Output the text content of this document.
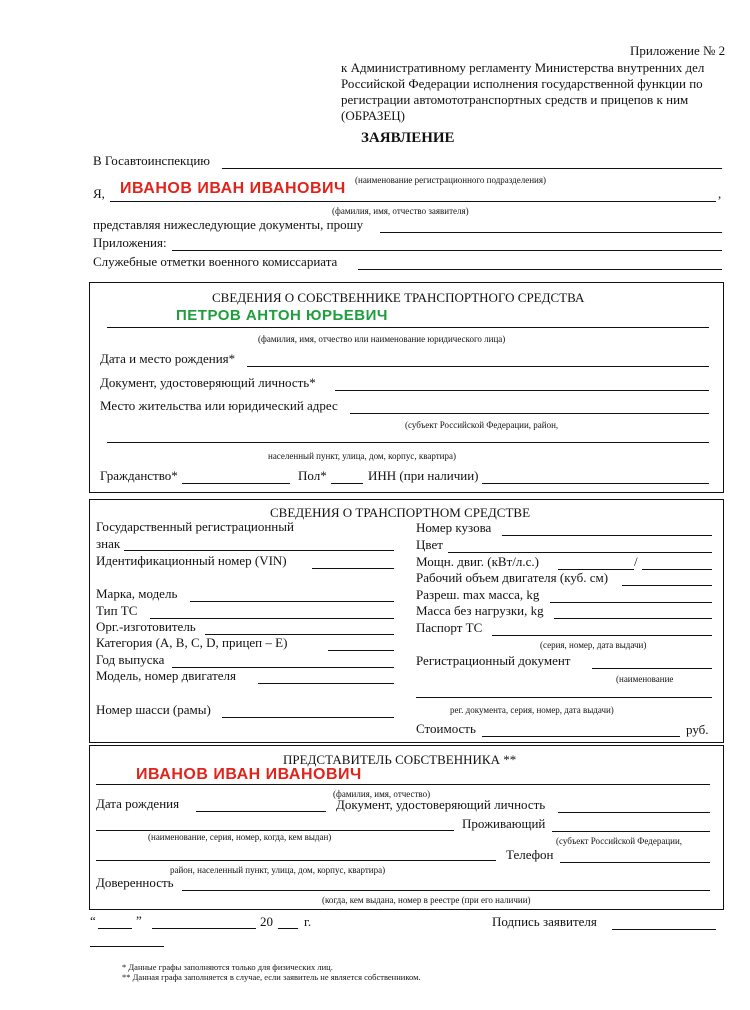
Приложение № 2
к Административному регламенту Министерства внутренних дел
Российской Федерации исполнения государственной функции по
регистрации автомототранспортных средств и прицепов к ним
(ОБРАЗЕЦ)
ЗАЯВЛЕНИЕ
В Госавтоинспекцию
(наименование регистрационного подразделения)
Я, ИВАНОВ ИВАН ИВАНОВИЧ	,
(фамилия, имя, отчество заявителя)
представляя нижеследующие документы, прошу
Приложения:
Служебные отметки военного комиссариата
СВЕДЕНИЯ О СОБСТВЕННИКЕ ТРАНСПОРТНОГО СРЕДСТВА
ПЕТРОВ АНТОН ЮРЬЕВИЧ
(фамилия, имя, отчество или наименование юридического лица)
Дата и место рождения*
Документ, удостоверяющий личность*
Место жительства или юридический адрес
(субъект Российской Федерации, район,
населенный пункт, улица, дом, корпус, квартира)
Гражданство*	Пол*	ИНН (при наличии)
СВЕДЕНИЯ О ТРАНСПОРТНОМ СРЕДСТВЕ
Государственный регистрационный
знак
Идентификационный номер (VIN)
Марка, модель
Тип ТС
Орг.-изготовитель
Категория (А, В, С, D, прицеп – Е)
Год выпуска
Модель, номер двигателя
Номер шасси (рамы)
Номер кузова
Цвет
Мощн. двиг. (кВт/л.с.)	/
Рабочий объем двигателя (куб. см)
Разреш. max масса, kg
Масса без нагрузки, kg
Паспорт ТС
(серия, номер, дата выдачи)
Регистрационный документ
(наименование
рег. документа, серия, номер, дата выдачи)
Стоимость	руб.
ПРЕДСТАВИТЕЛЬ СОБСТВЕННИКА **
ИВАНОВ ИВАН ИВАНОВИЧ
(фамилия, имя, отчество)
Дата рождения	Документ, удостоверяющий личность
Проживающий
(наименование, серия, номер, когда, кем выдан)	(субъект Российской Федерации,
Телефон
район, населенный пункт, улица, дом, корпус, квартира)
Доверенность
(когда, кем выдана, номер в реестре (при его наличии)
“	”	20 г.	Подпись заявителя
* Данные графы заполняются только для физических лиц.
** Данная графа заполняется в случае, если заявитель не является собственником.
